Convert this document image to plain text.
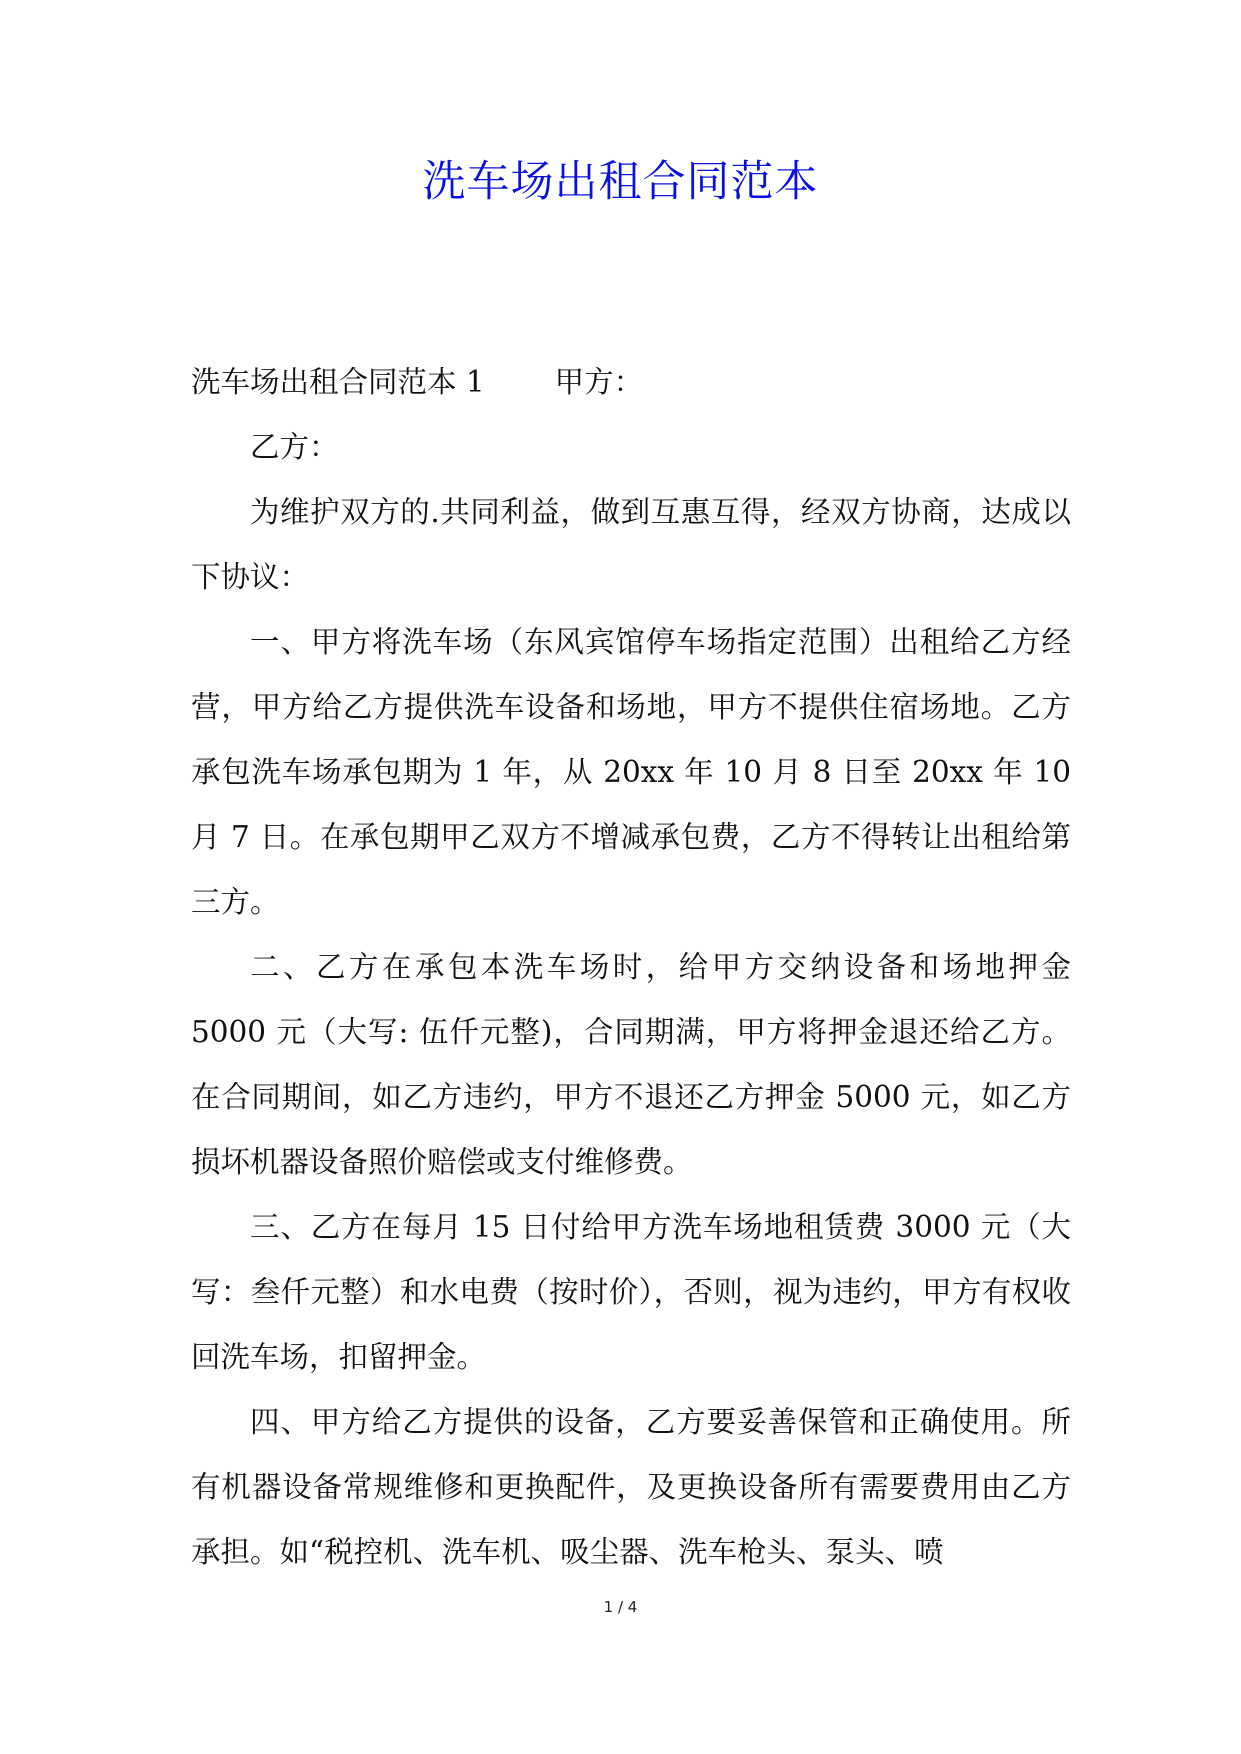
洗车场出租合同范本

洗车场出租合同范本 1 甲方：

乙方：

为维护双方的.共同利益，做到互惠互得，经双方协商，达成以下协议：

一、甲方将洗车场（东风宾馆停车场指定范围）出租给乙方经营，甲方给乙方提供洗车设备和场地，甲方不提供住宿场地。乙方承包洗车场承包期为 1 年，从 20xx 年 10 月 8 日至 20xx 年 10 月 7 日。在承包期甲乙双方不增减承包费，乙方不得转让出租给第三方。

二、乙方在承包本洗车场时，给甲方交纳设备和场地押金 5000 元（大写: 伍仟元整)，合同期满，甲方将押金退还给乙方。在合同期间，如乙方违约，甲方不退还乙方押金 5000 元，如乙方损坏机器设备照价赔偿或支付维修费。

三、乙方在每月 15 日付给甲方洗车场地租赁费 3000 元（大写：叁仟元整）和水电费（按时价），否则，视为违约，甲方有权收回洗车场，扣留押金。

四、甲方给乙方提供的设备，乙方要妥善保管和正确使用。所有机器设备常规维修和更换配件，及更换设备所有需要费用由乙方承担。如“税控机、洗车机、吸尘器、洗车枪头、泵头、喷

1 / 4
